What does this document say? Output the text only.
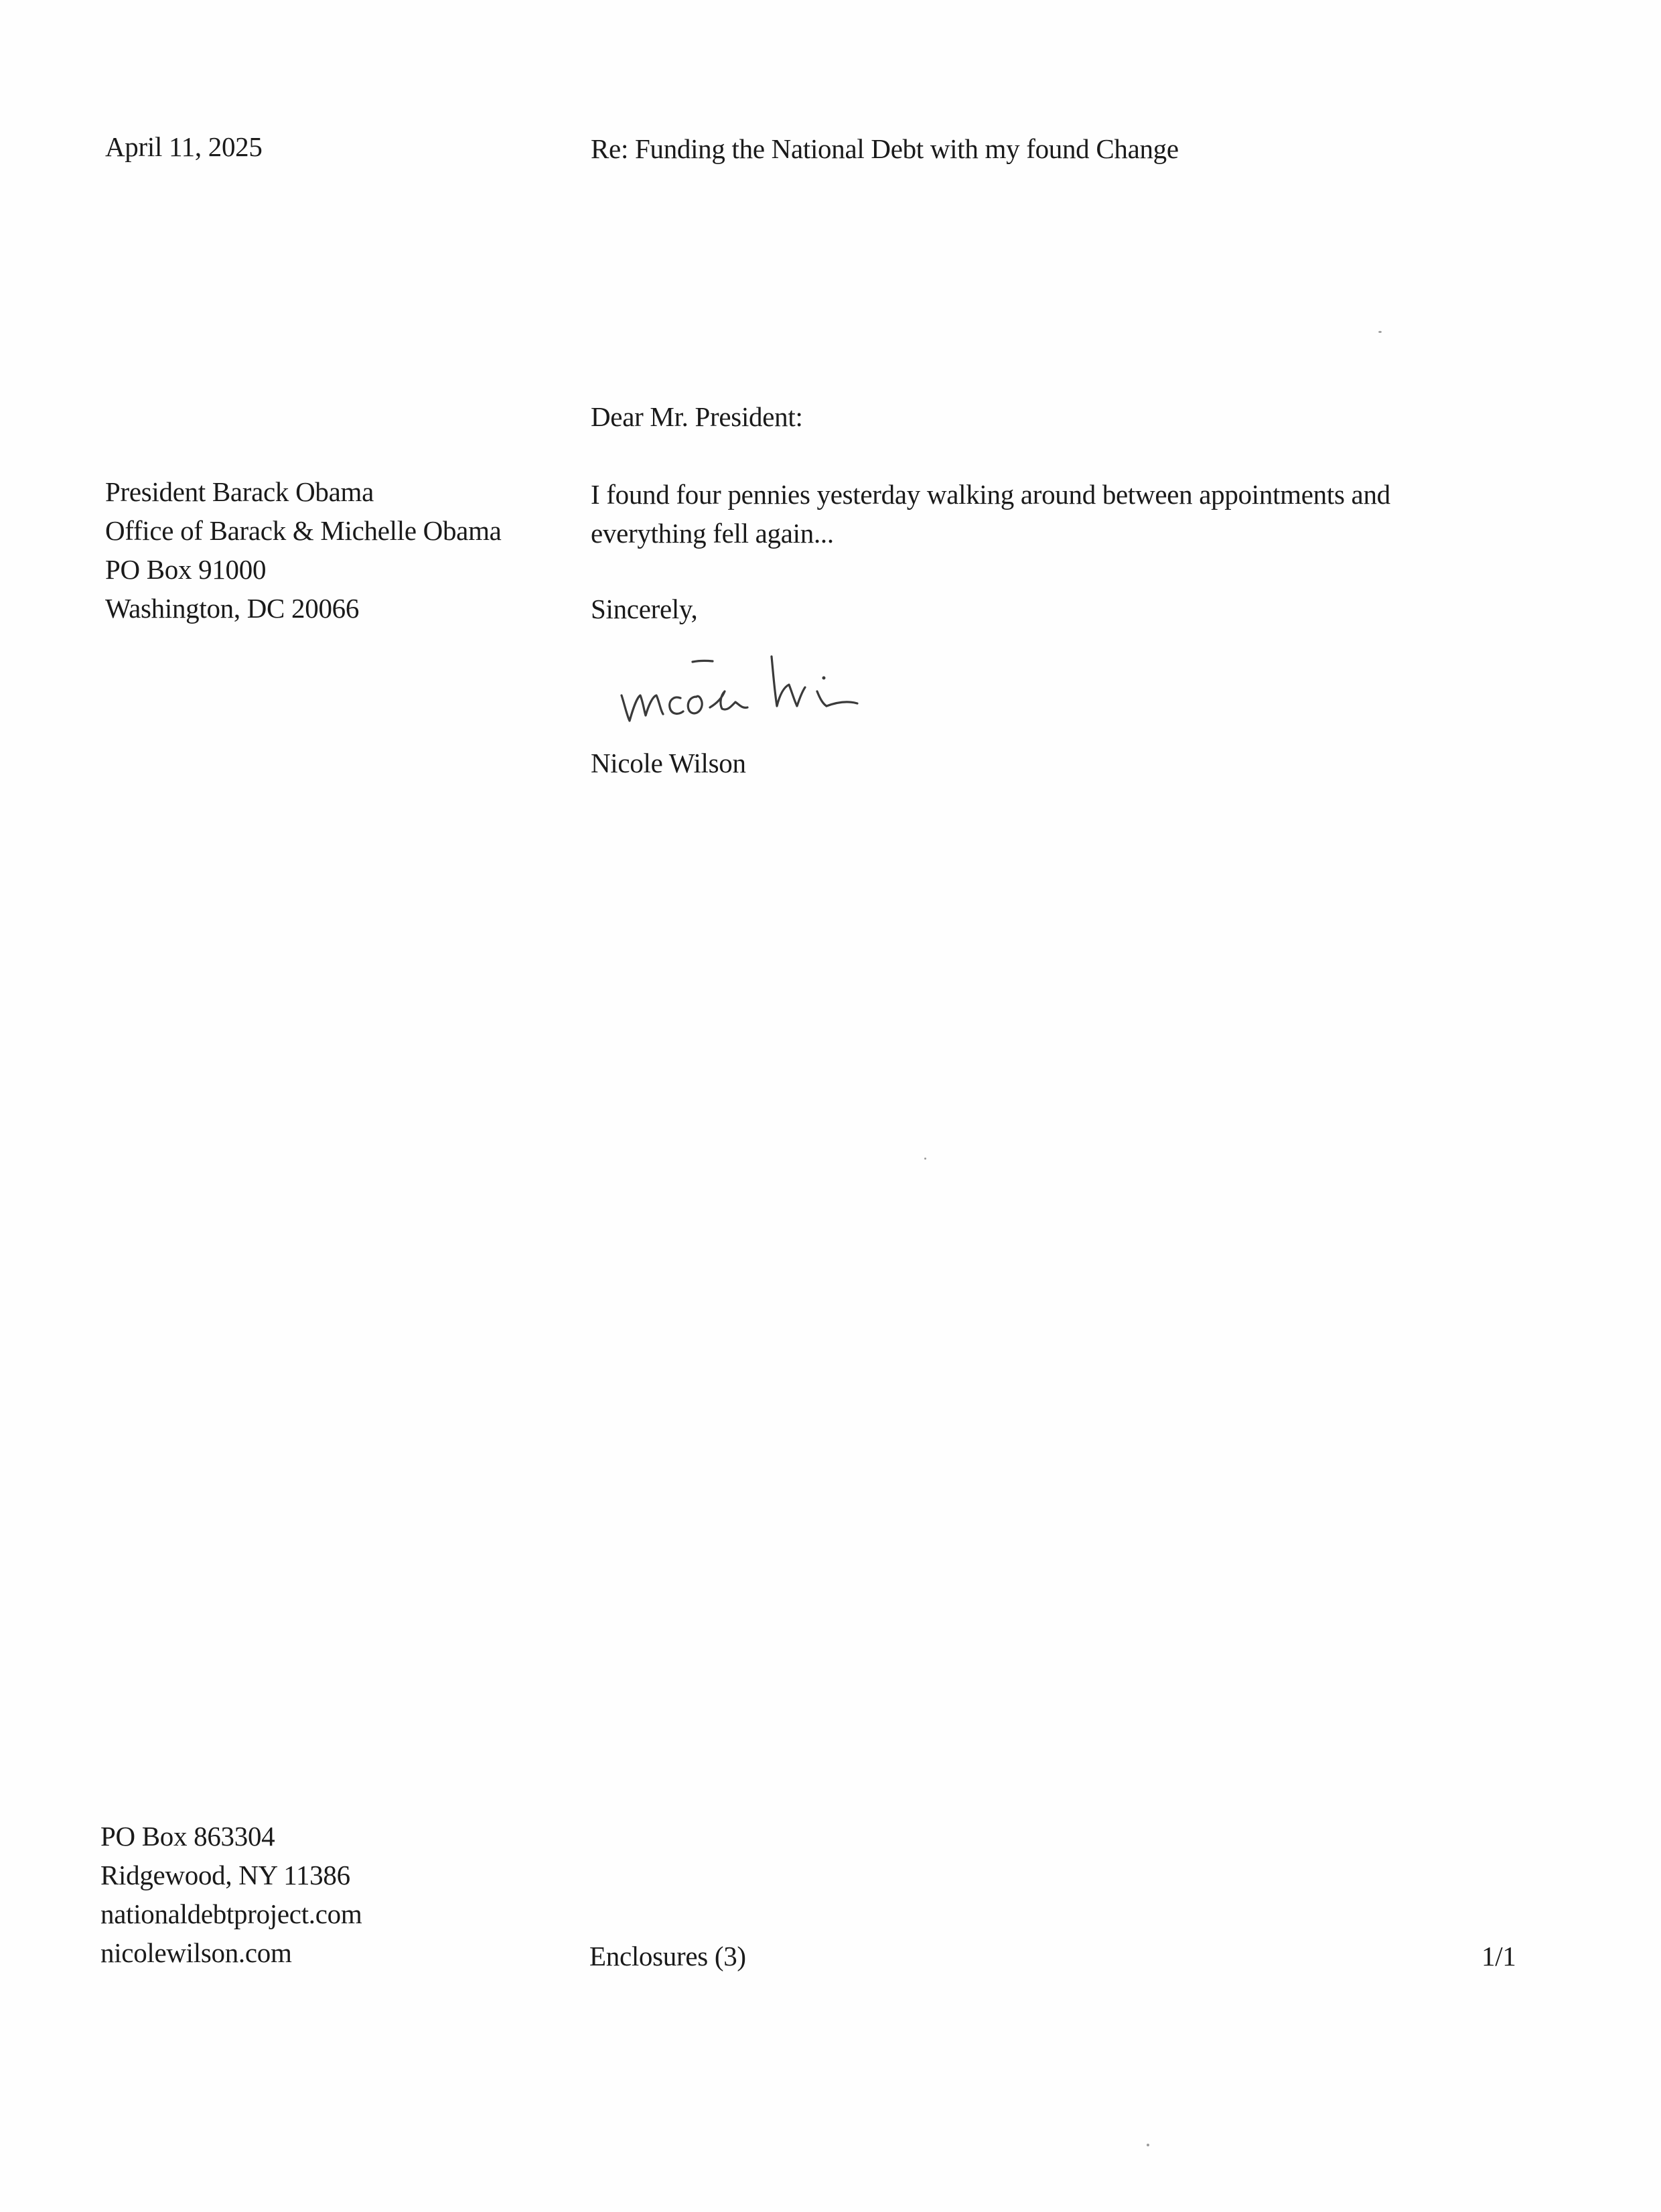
April 11, 2025	Re: Funding the National Debt with my found Change
Dear Mr. President:
President Barack Obama
Office of Barack & Michelle Obama
PO Box 91000
Washington, DC 20066
I found four pennies yesterday walking around between appointments and
everything fell again...
Sincerely,
Nicole Wilson
PO Box 863304
Ridgewood, NY 11386
nationaldebtproject.com
nicolewilson.com	Enclosures (3)	1/1
